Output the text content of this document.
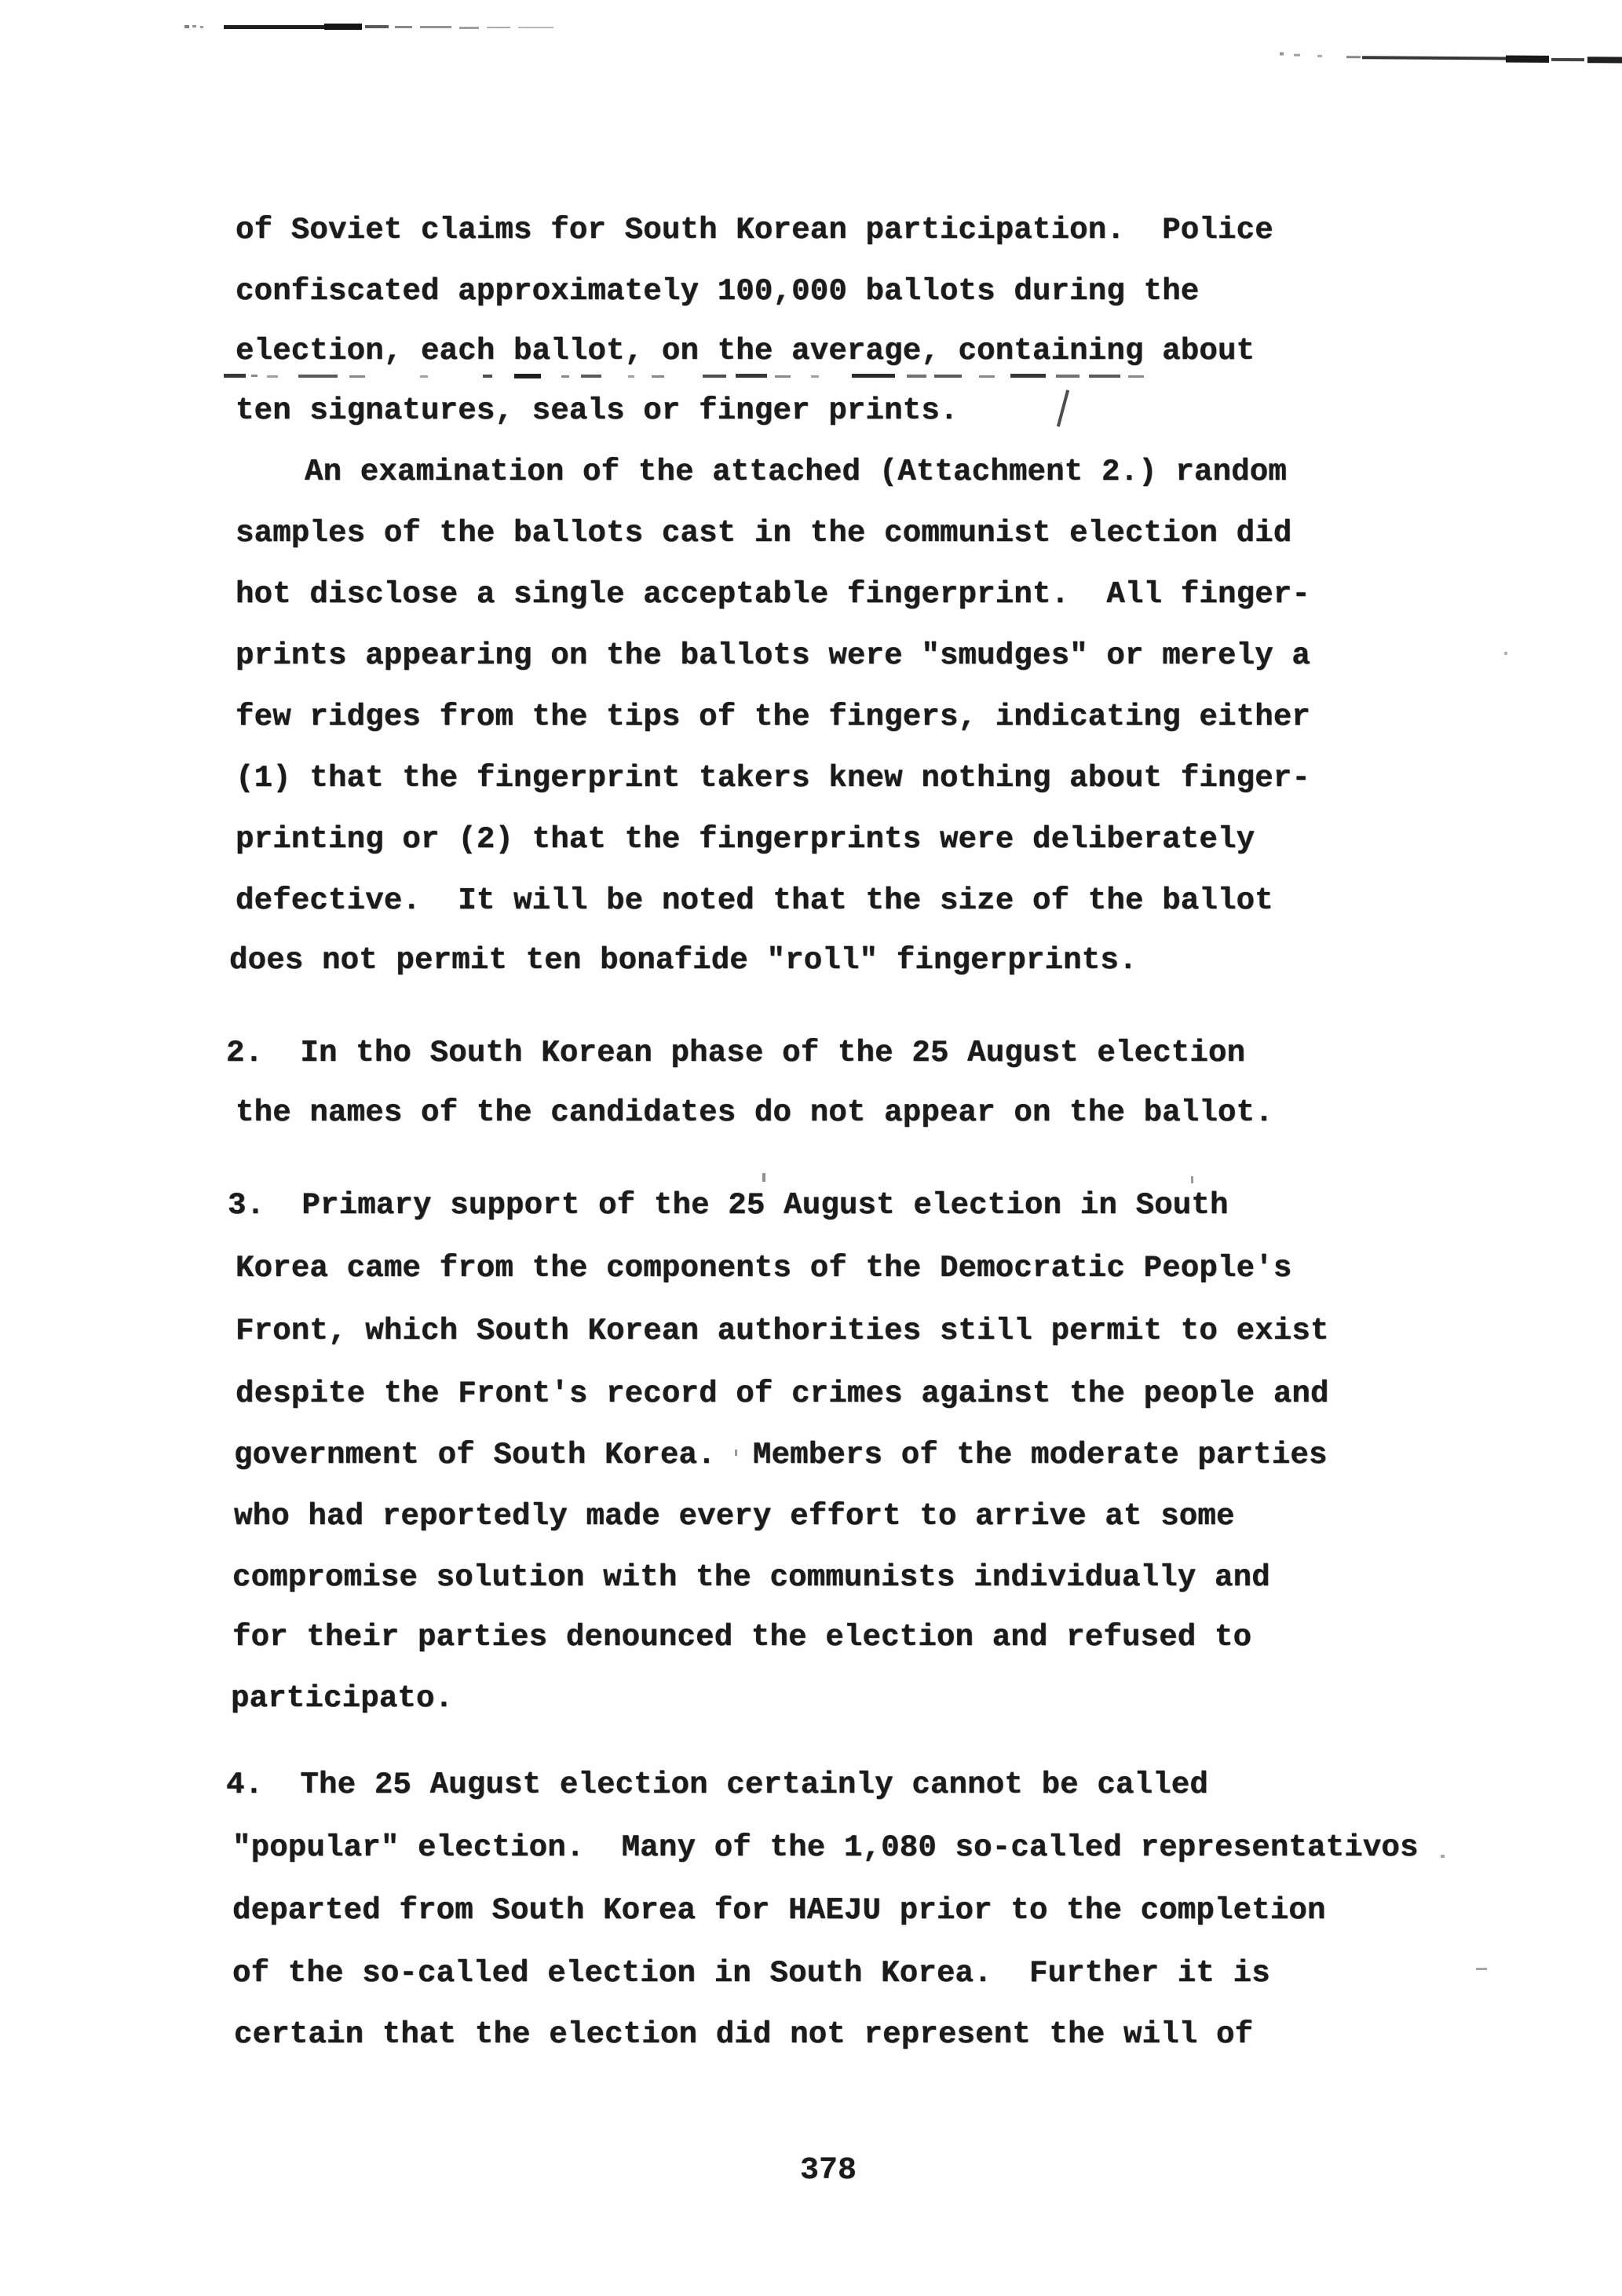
of Soviet claims for South Korean participation.  Police
confiscated approximately 100,000 ballots during the
election, each ballot, on the average, containing about
ten signatures, seals or finger prints.
An examination of the attached (Attachment 2.) random
samples of the ballots cast in the communist election did
hot disclose a single acceptable fingerprint.  All finger-
prints appearing on the ballots were "smudges" or merely a
few ridges from the tips of the fingers, indicating either
(1) that the fingerprint takers knew nothing about finger-
printing or (2) that the fingerprints were deliberately
defective.  It will be noted that the size of the ballot
does not permit ten bonafide "roll" fingerprints.
2.  In tho South Korean phase of the 25 August election
the names of the candidates do not appear on the ballot.
3.  Primary support of the 25 August election in South
Korea came from the components of the Democratic People's
Front, which South Korean authorities still permit to exist
despite the Front's record of crimes against the people and
government of South Korea.  Members of the moderate parties
who had reportedly made every effort to arrive at some
compromise solution with the communists individually and
for their parties denounced the election and refused to
participato.
4.  The 25 August election certainly cannot be called
"popular" election.  Many of the 1,080 so-called representativos
departed from South Korea for HAEJU prior to the completion
of the so-called election in South Korea.  Further it is
certain that the election did not represent the will of
378
